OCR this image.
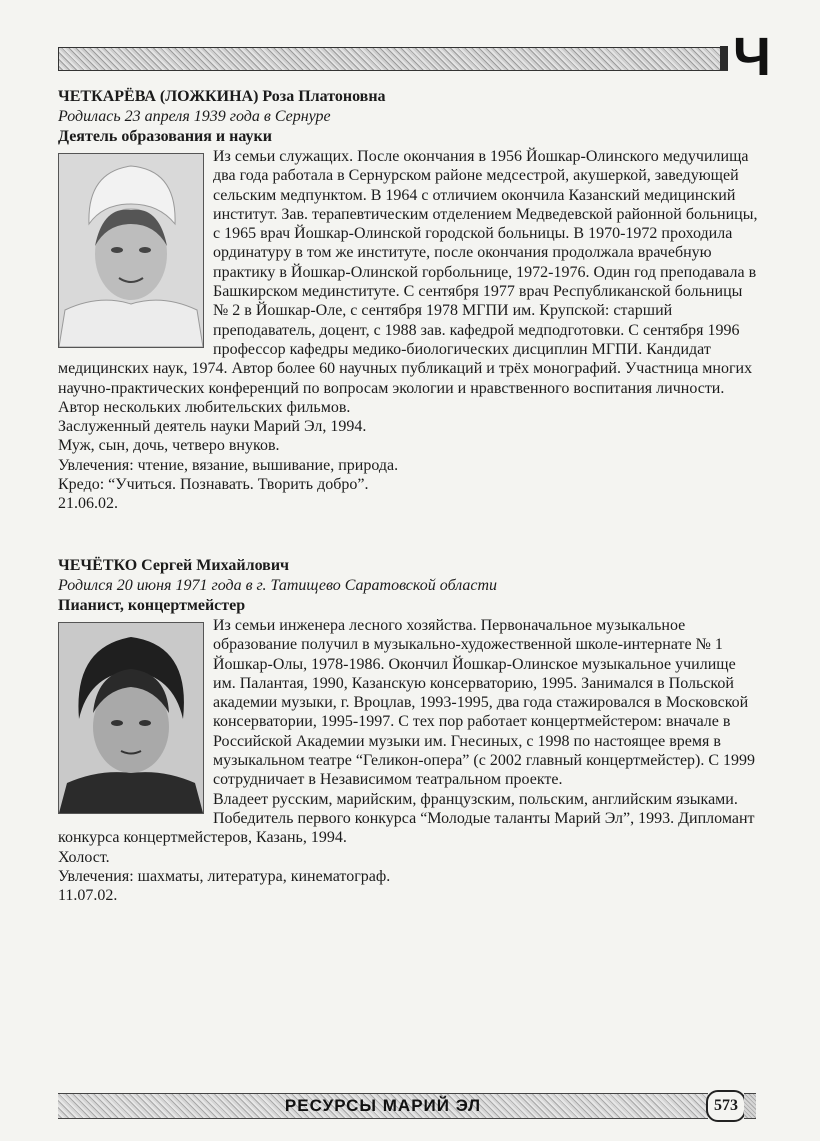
Ч
ЧЕТКАРЁВА (ЛОЖКИНА) Роза Платоновна
Родилась 23 апреля 1939 года в Сернуре
Деятель образования и науки

Из семьи служащих. После окончания в 1956 Йошкар-Олинского медучилища два года работала в Сернурском районе медсестрой, акушеркой, заведующей сельским медпунктом. В 1964 с отличием окончила Казанский медицинский институт. Зав. терапевтическим отделением Медведевской районной больницы, с 1965 врач Йошкар-Олинской городской больницы. В 1970-1972 проходила ординатуру в том же институте, после окончания продолжала врачебную практику в Йошкар-Олинской горбольнице, 1972-1976. Один год преподавала в Башкирском мединституте. С сентября 1977 врач Республиканской больницы № 2 в Йошкар-Оле, с сентября 1978 МГПИ им. Крупской: старший преподаватель, доцент, с 1988 зав. кафедрой медподготовки. С сентября 1996 профессор кафедры медико-биологических дисциплин МГПИ. Кандидат медицинских наук, 1974. Автор более 60 научных публикаций и трёх монографий. Участница многих научно-практических конференций по вопросам экологии и нравственного воспитания личности. Автор нескольких любительских фильмов.

Заслуженный деятель науки Марий Эл, 1994.

Муж, сын, дочь, четверо внуков.

Увлечения: чтение, вязание, вышивание, природа.

Кредо: “Учиться. Познавать. Творить добро”.

21.06.02.

ЧЕЧЁТКО Сергей Михайлович
Родился 20 июня 1971 года в г. Татищево Саратовской области
Пианист, концертмейстер

Из семьи инженера лесного хозяйства. Первоначальное музыкальное образование получил в музыкально-художественной школе-интернате № 1 Йошкар-Олы, 1978-1986. Окончил Йошкар-Олинское музыкальное училище им. Палантая, 1990, Казанскую консерваторию, 1995. Занимался в Польской академии музыки, г. Вроцлав, 1993-1995, два года стажировался в Московской консерватории, 1995-1997. С тех пор работает концертмейстером: вначале в Российской Академии музыки им. Гнесиных, с 1998 по настоящее время в музыкальном театре “Геликон-опера” (с 2002 главный концертмейстер). С 1999 сотрудничает в Независимом театральном проекте.

Владеет русским, марийским, французским, польским, английским языками. Победитель первого конкурса “Молодые таланты Марий Эл”, 1993. Дипломант конкурса концертмейстеров, Казань, 1994.

Холост.

Увлечения: шахматы, литература, кинематограф.

11.07.02.

РЕСУРСЫ МАРИЙ ЭЛ	573
